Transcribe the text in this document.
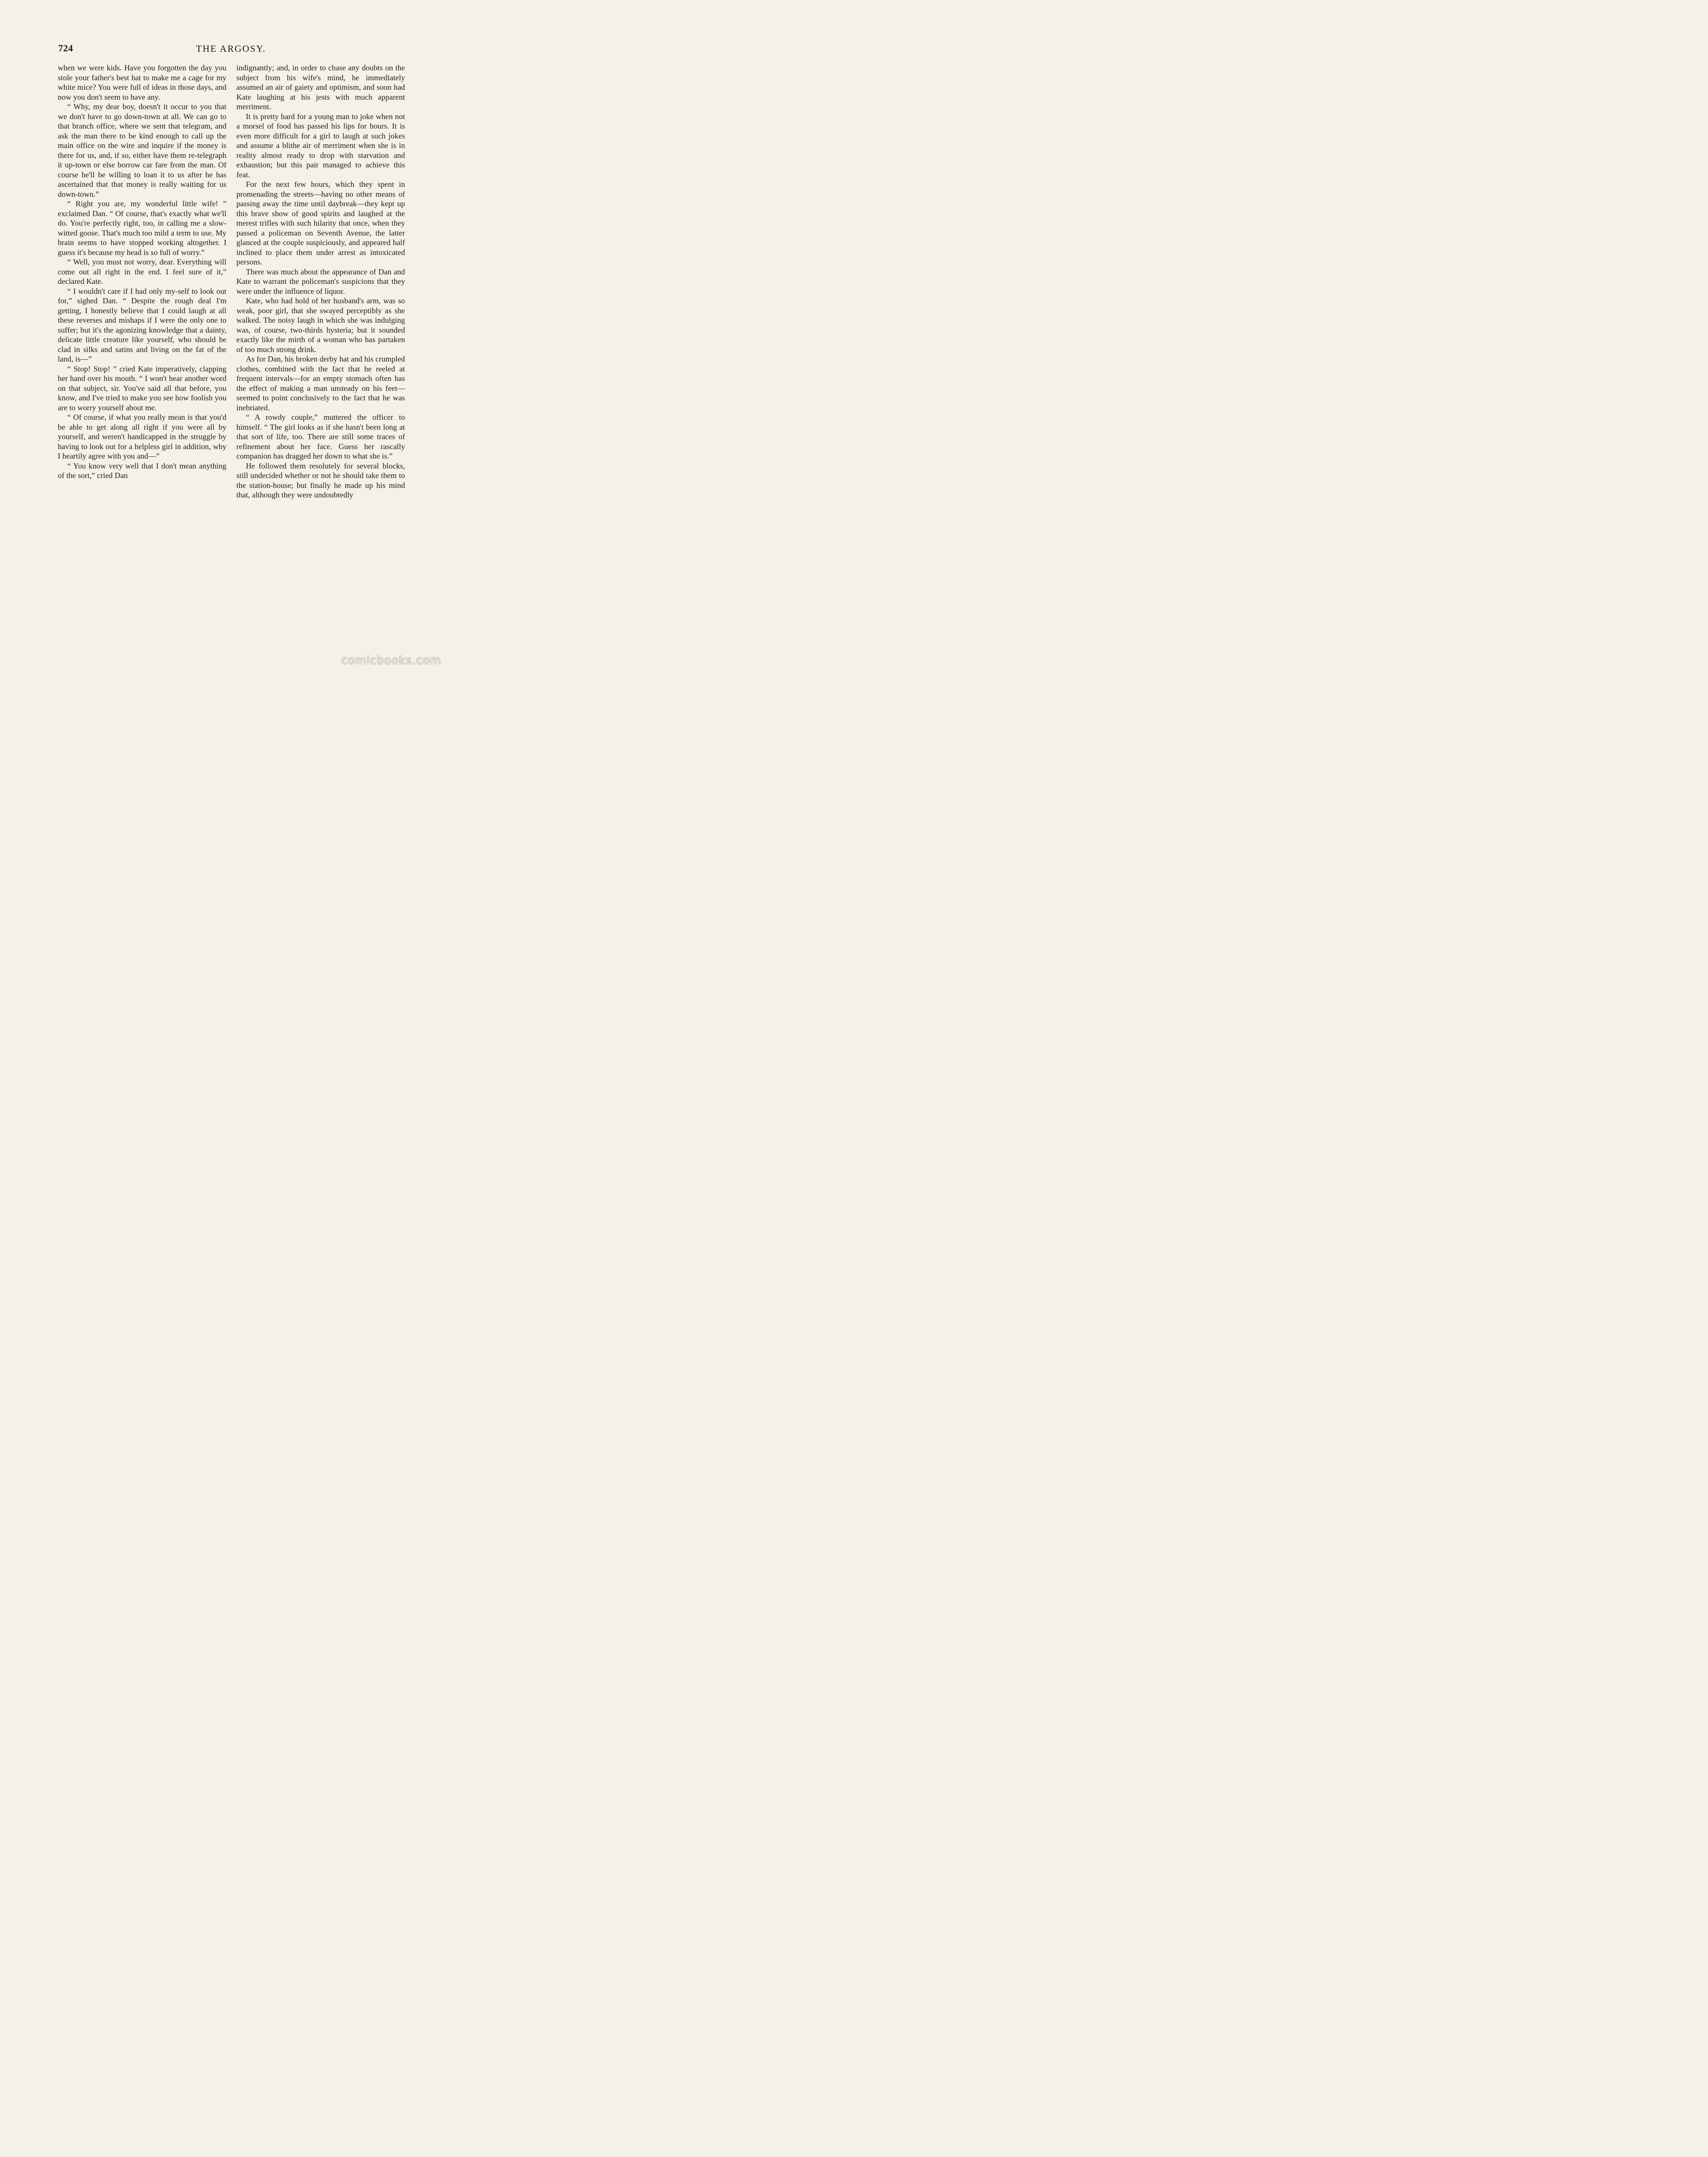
724	THE ARGOSY.

when we were kids. Have you forgotten the day you stole your father's best hat to make me a cage for my white mice? You were full of ideas in those days, and now you don't seem to have any.

“ Why, my dear boy, doesn't it occur to you that we don't have to go down-town at all. We can go to that branch office, where we sent that telegram, and ask the man there to be kind enough to call up the main office on the wire and inquire if the money is there for us, and, if so, either have them re-telegraph it up-town or else borrow car fare from the man. Of course he'll be willing to loan it to us after he has ascertained that that money is really waiting for us down-town.”

“ Right you are, my wonderful little wife! ” exclaimed Dan. “ Of course, that's exactly what we'll do. You're perfectly right, too, in calling me a slow-witted goose. That's much too mild a term to use. My brain seems to have stopped working altogether. I guess it's because my head is so full of worry.”

“ Well, you must not worry, dear. Everything will come out all right in the end. I feel sure of it,” declared Kate.

“ I wouldn't care if I had only my-self to look out for,” sighed Dan. “ Despite the rough deal I'm getting, I honestly believe that I could laugh at all these reverses and mishaps if I were the only one to suffer; but it's the agonizing knowledge that a dainty, delicate little creature like yourself, who should be clad in silks and satins and living on the fat of the land, is—”

“ Stop! Stop! ” cried Kate imperatively, clapping her hand over his mouth. “ I won't hear another word on that subject, sir. You've said all that before, you know, and I've tried to make you see how foolish you are to worry yourself about me.

“ Of course, if what you really mean is that you'd be able to get along all right if you were all by yourself, and weren't handicapped in the struggle by having to look out for a helpless girl in addition, why I heartily agree with you and—”

“ You know very well that I don't mean anything of the sort,” cried Dan

indignantly; and, in order to chase any doubts on the subject from his wife's mind, he immediately assumed an air of gaiety and optimism, and soon had Kate laughing at his jests with much apparent merriment.

It is pretty hard for a young man to joke when not a morsel of food has passed his lips for hours. It is even more difficult for a girl to laugh at such jokes and assume a blithe air of merriment when she is in reality almost ready to drop with starvation and exhaustion; but this pair managed to achieve this feat.

For the next few hours, which they spent in promenading the streets—having no other means of passing away the time until daybreak—they kept up this brave show of good spirits and laughed at the merest trifles with such hilarity that once, when they passed a policeman on Seventh Avenue, the latter glanced at the couple suspiciously, and appeared half inclined to place them under arrest as intoxicated persons.

There was much about the appearance of Dan and Kate to warrant the policeman's suspicions that they were under the influence of liquor.

Kate, who had hold of her husband's arm, was so weak, poor girl, that she swayed perceptibly as she walked. The noisy laugh in which she was indulging was, of course, two-thirds hysteria; but it sounded exactly like the mirth of a woman who has partaken of too much strong drink.

As for Dan, his broken derby hat and his crumpled clothes, combined with the fact that he reeled at frequent intervals—for an empty stomach often has the effect of making a man unsteady on his feet—seemed to point conclusively to the fact that he was inebriated.

“ A rowdy couple,” muttered the officer to himself. “ The girl looks as if she hasn't been long at that sort of life, too. There are still some traces of refinement about her face. Guess her rascally companion has dragged her down to what she is.”

He followed them resolutely for several blocks, still undecided whether or not he should take them to the station-house; but finally he made up his mind that, although they were undoubtedly

comicbooks.com
